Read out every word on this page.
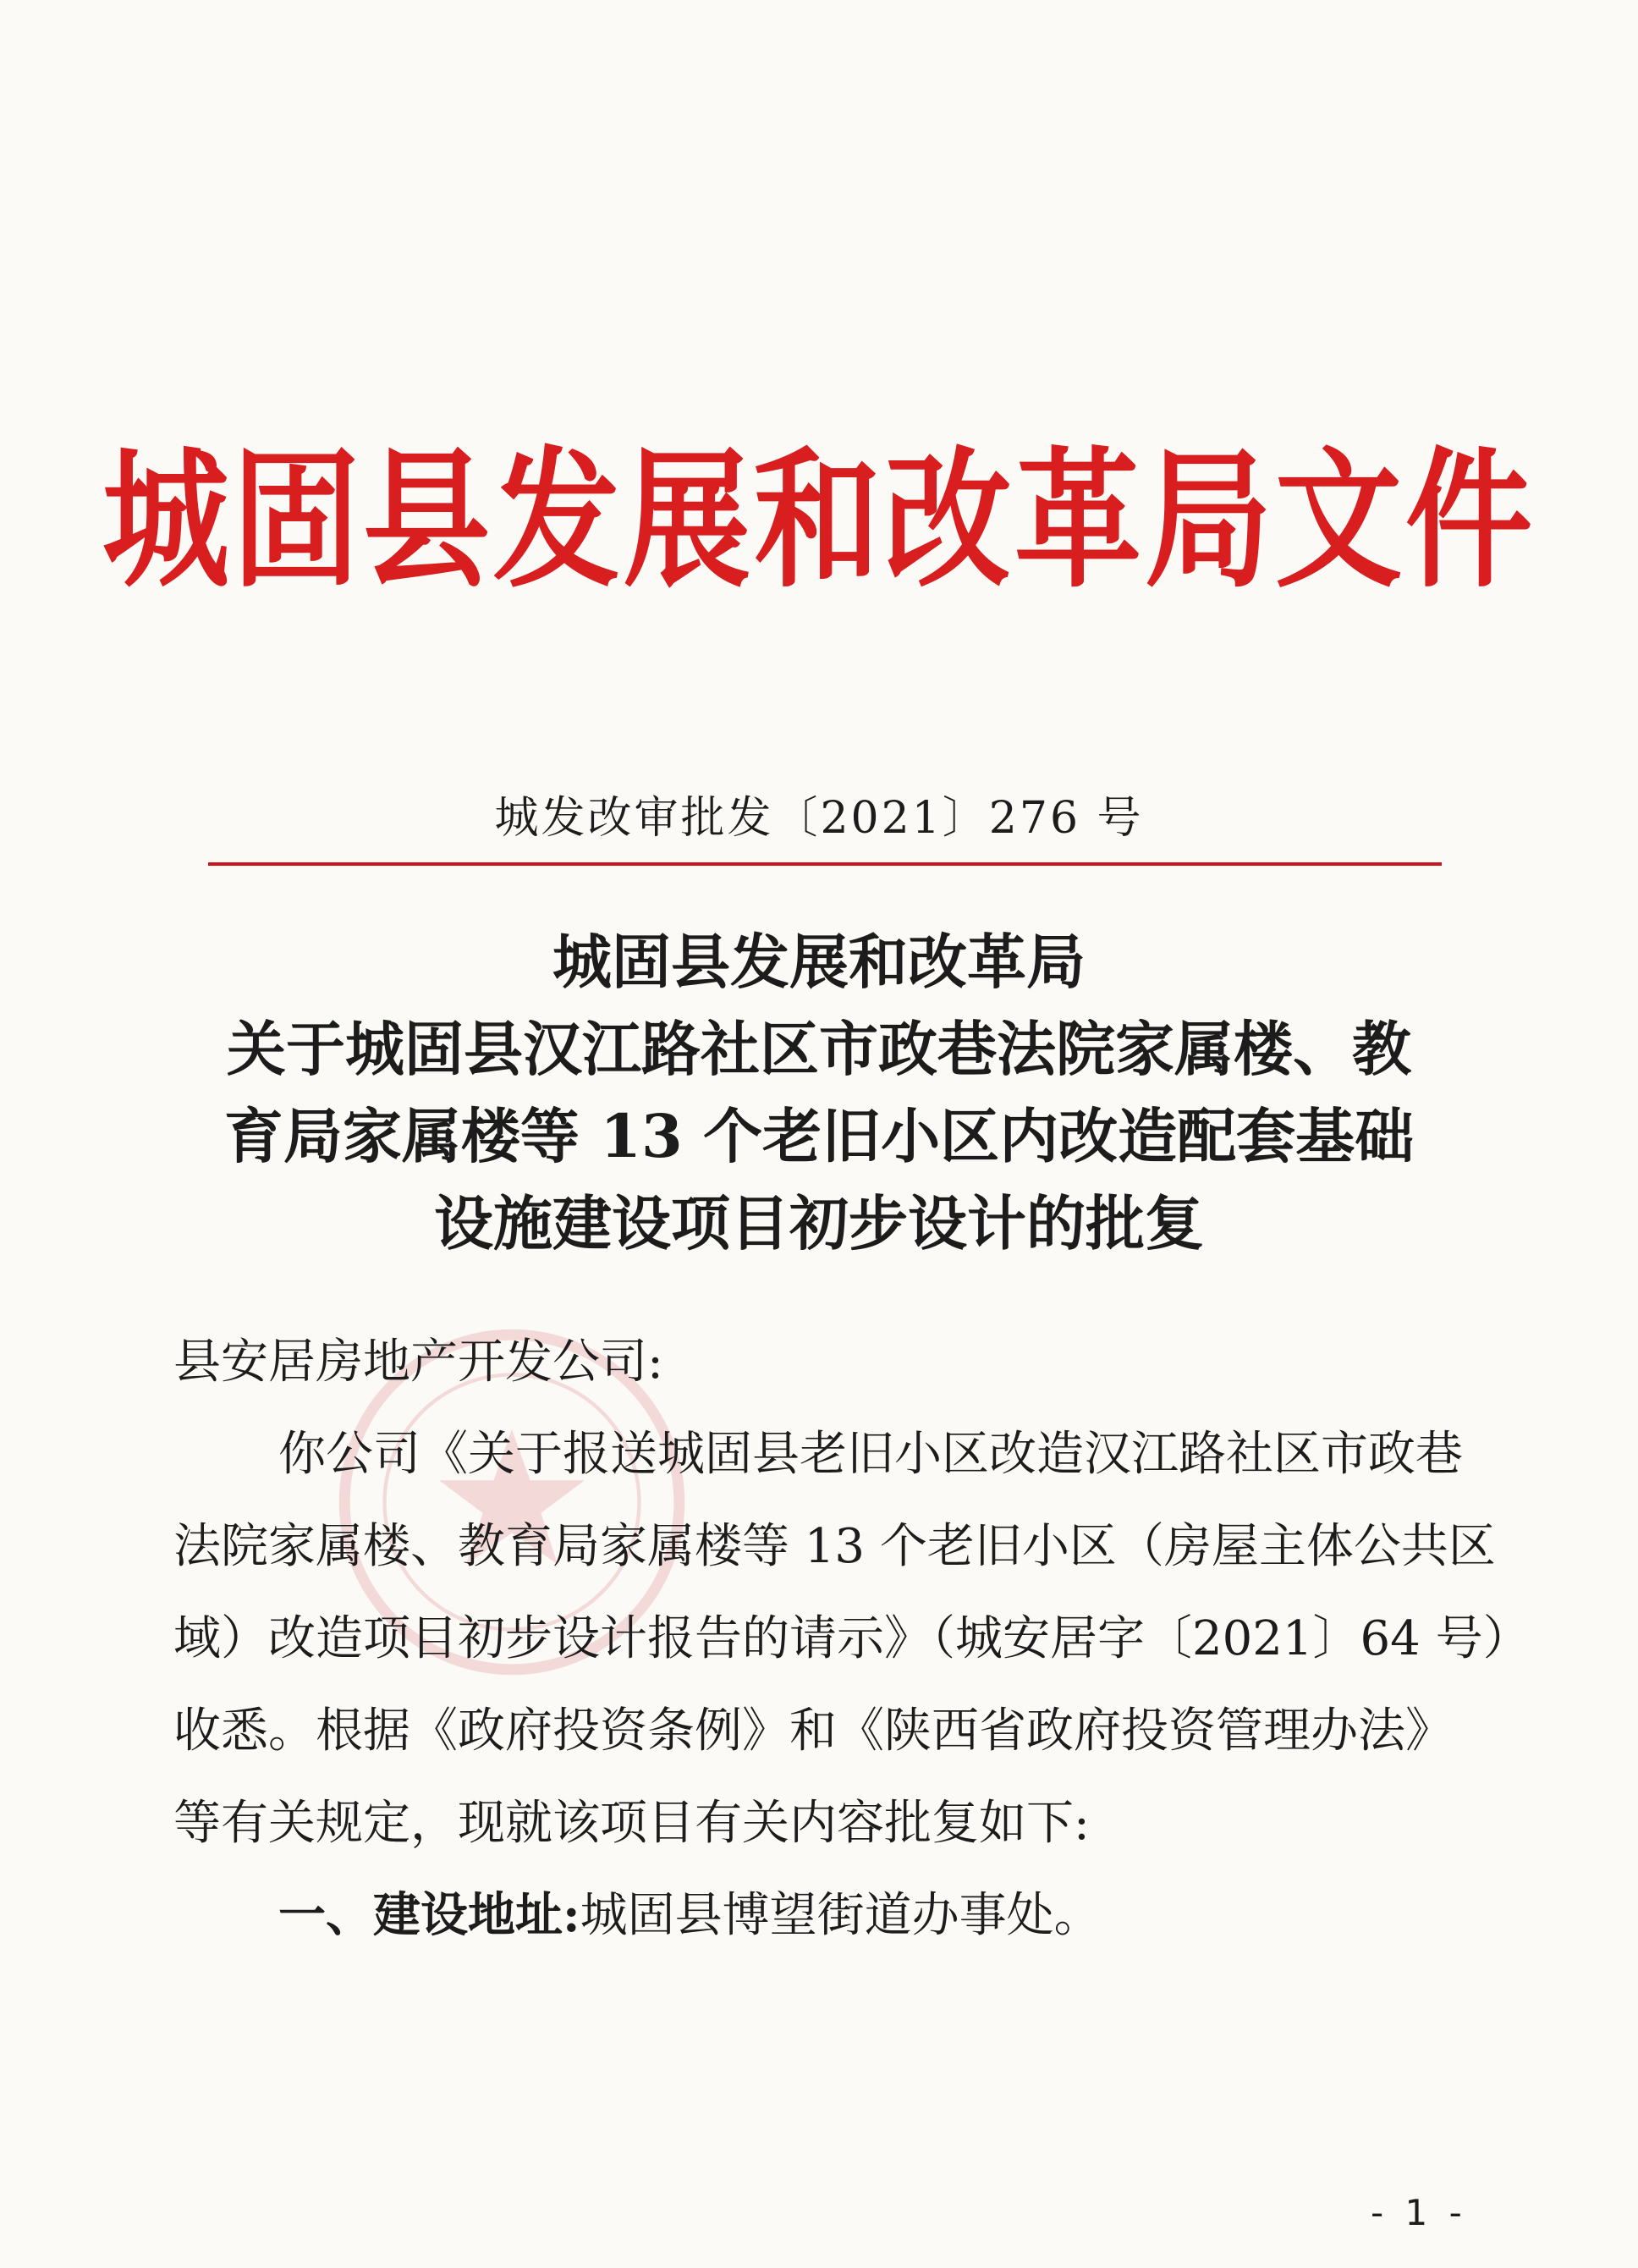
城固县发展和改革局文件
城发改审批发〔2021〕276 号
城固县发展和改革局
关于城固县汉江路社区市政巷法院家属楼、教
育局家属楼等 13 个老旧小区内改造配套基础
设施建设项目初步设计的批复
县安居房地产开发公司:
你公司《关于报送城固县老旧小区改造汉江路社区市政巷
法院家属楼、教育局家属楼等 13 个老旧小区（房屋主体公共区
域）改造项目初步设计报告的请示》（城安居字〔2021〕64 号）
收悉。根据《政府投资条例》和《陕西省政府投资管理办法》
等有关规定，现就该项目有关内容批复如下:
一、建设地址:城固县博望街道办事处。
- 1 -
